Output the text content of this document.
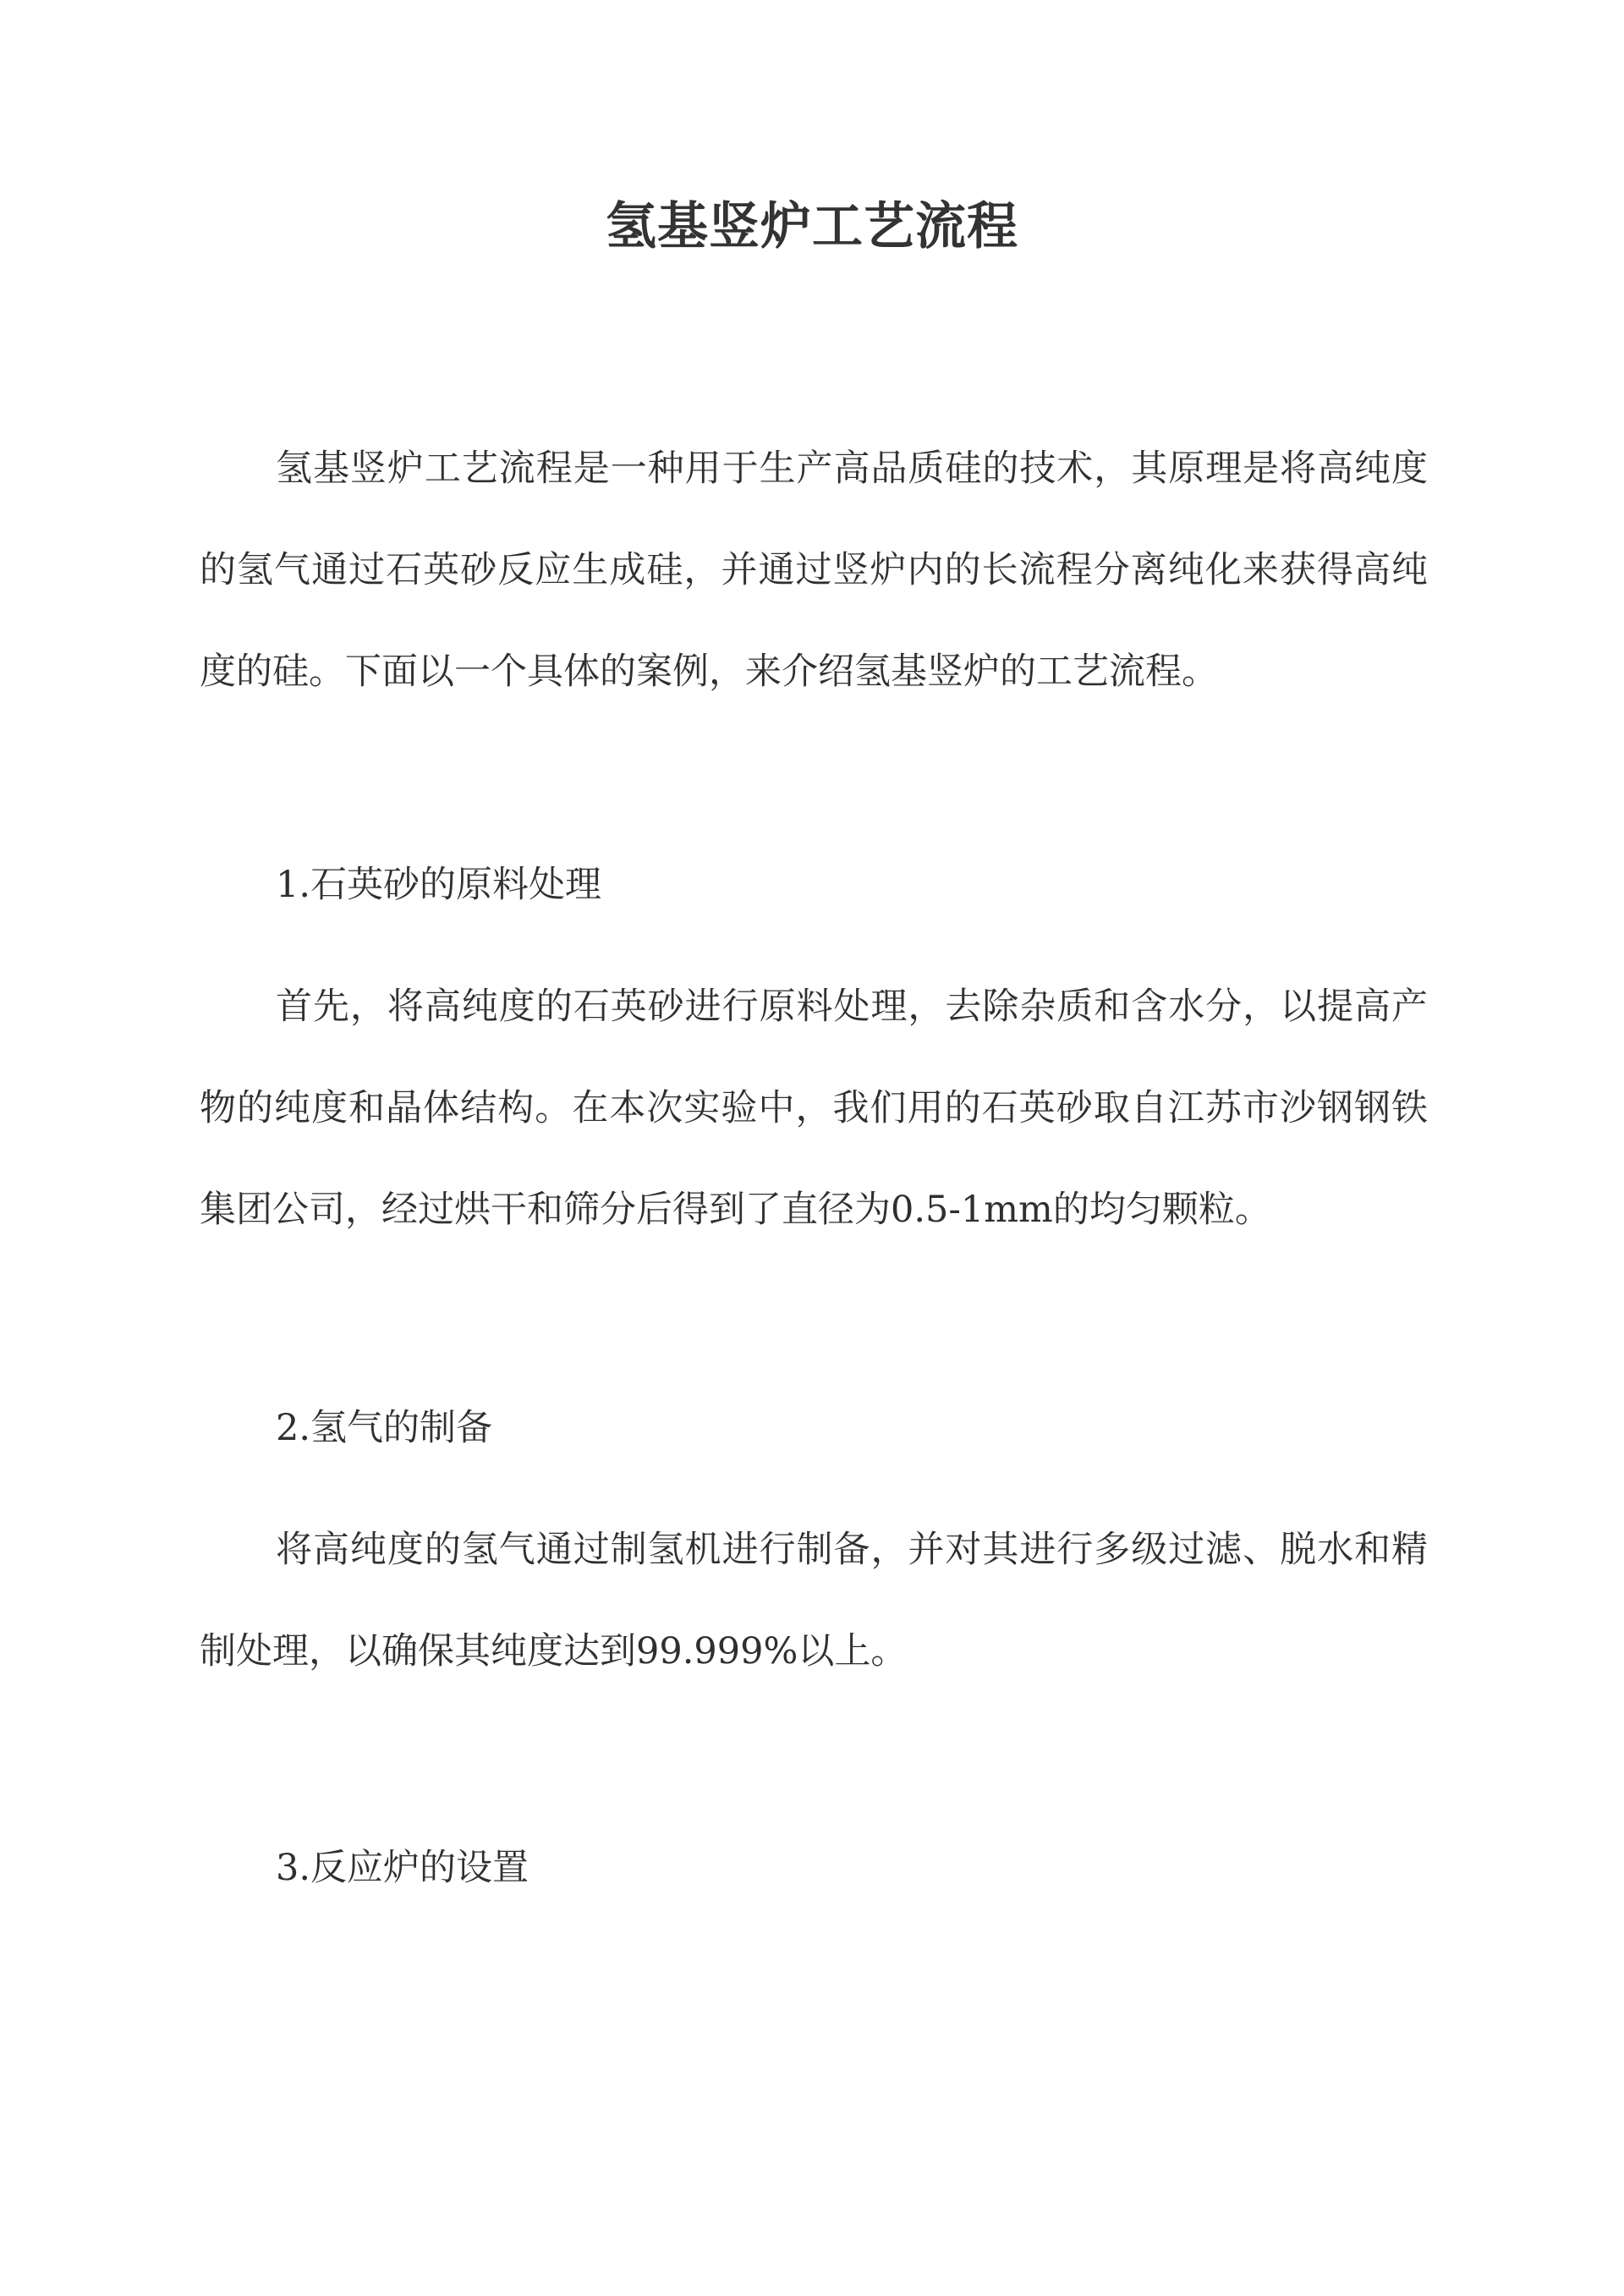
氢基竖炉工艺流程

氢基竖炉工艺流程是一种用于生产高品质硅的技术，其原理是将高纯度的氢气通过石英砂反应生成硅，并通过竖炉内的长流程分离纯化来获得高纯度的硅。下面以一个具体的案例，来介绍氢基竖炉的工艺流程。

1.石英砂的原料处理

首先，将高纯度的石英砂进行原料处理，去除杂质和含水分，以提高产物的纯度和晶体结构。在本次实验中，我们用的石英砂取自江苏市沙钢钢铁集团公司，经过烘干和筛分后得到了直径为0.5-1mm的均匀颗粒。

2.氢气的制备

将高纯度的氢气通过制氢机进行制备，并对其进行多级过滤、脱水和精制处理，以确保其纯度达到99.999%以上。

3.反应炉的设置
